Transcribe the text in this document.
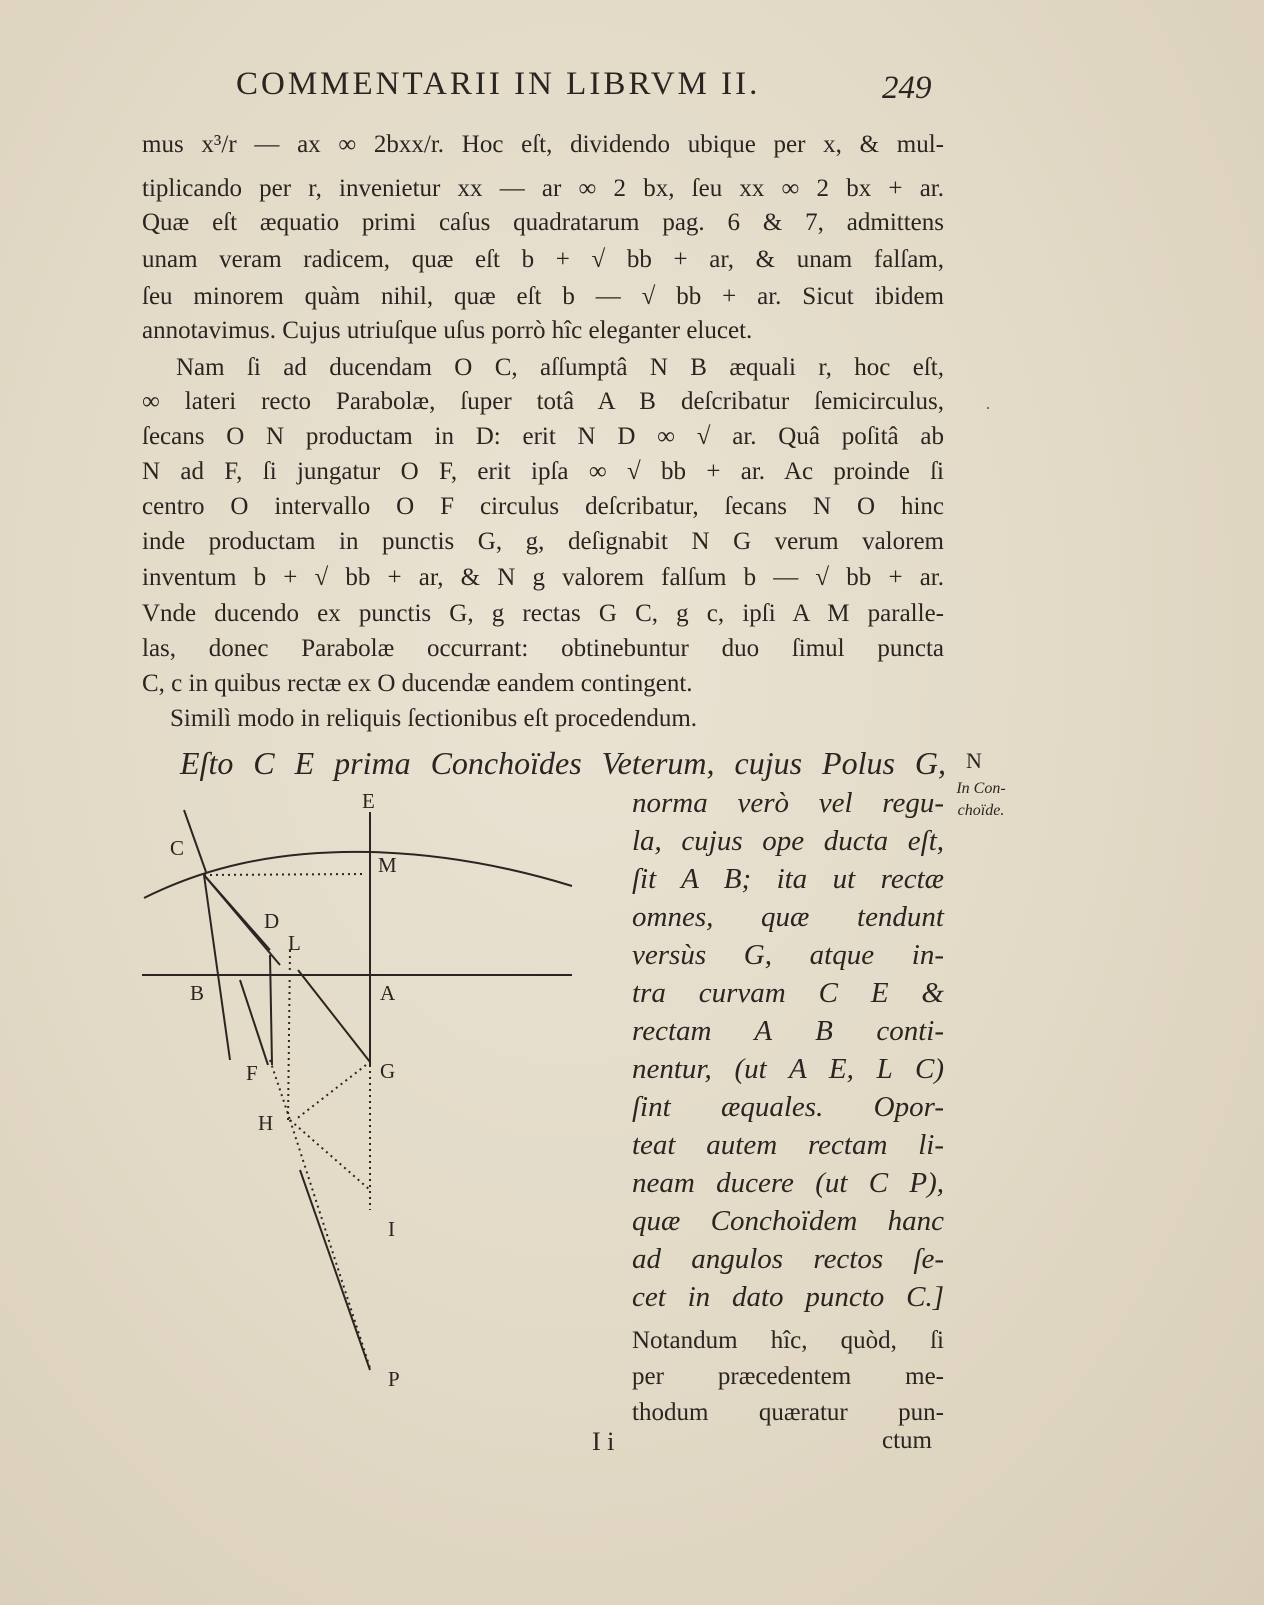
COMMENTARII IN LIBRVM II.	249
mus x³/r — ax ∞ 2bxx/r. Hoc eſt, dividendo ubique per x, & mul-
tiplicando per r, invenietur xx — ar ∞ 2 bx, ſeu xx ∞ 2 bx + ar.
Quæ eſt æquatio primi caſus quadratarum pag. 6 & 7, admittens
unam veram radicem, quæ eſt b + √ bb + ar, & unam falſam,
ſeu minorem quàm nihil, quæ eſt b — √ bb + ar. Sicut ibidem
annotavimus. Cujus utriuſque uſus porrò hîc eleganter elucet.
Nam ſi ad ducendam O C, aſſumptâ N B æquali r, hoc eſt,
∞ lateri recto Parabolæ, ſuper totâ A B deſcribatur ſemicirculus,
ſecans O N productam in D: erit N D ∞ √ ar. Quâ poſitâ ab
N ad F, ſi jungatur O F, erit ipſa ∞ √ bb + ar. Ac proinde ſi
centro O intervallo O F circulus deſcribatur, ſecans N O hinc
inde productam in punctis G, g, deſignabit N G verum valorem
inventum b + √ bb + ar, & N g valorem falſum b — √ bb + ar.
Vnde ducendo ex punctis G, g rectas G C, g c, ipſi A M paralle-
las, donec Parabolæ occurrant: obtinebuntur duo ſimul puncta
C, c in quibus rectæ ex O ducendæ eandem contingent.
Similì modo in reliquis ſectionibus eſt procedendum.
·
Eſto C E prima Conchoïdes Veterum, cujus Polus G, N
In Con-
choïde.
norma verò vel regu-
la, cujus ope ducta eſt,
ſit A B; ita ut rectæ
omnes, quæ tendunt
versùs G, atque in-
tra curvam C E &
rectam A B conti-
nentur, (ut A E, L C)
ſint æquales. Opor-
teat autem rectam li-
neam ducere (ut C P),
quæ Conchoïdem hanc
ad angulos rectos ſe-
cet in dato puncto C.]
Notandum hîc, quòd, ſi
per præcedentem me-
thodum quæratur pun-
E
C
M
D
L
B	A
F	G
H
I
P
I i	ctum
